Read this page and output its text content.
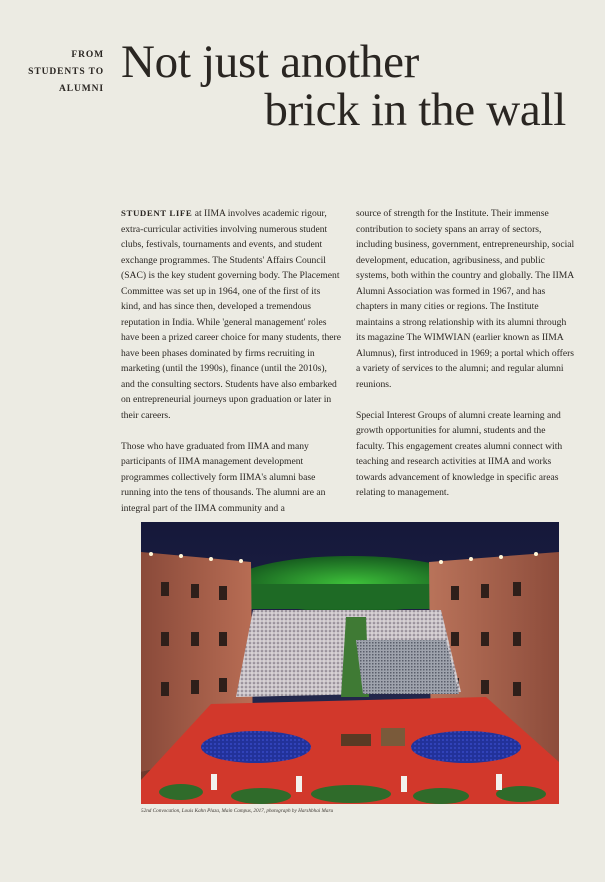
FROM
STUDENTS TO
ALUMNI
Not just another
brick in the wall

STUDENT LIFE at IIMA involves academic rigour, extra-curricular activities involving numerous student clubs, festivals, tournaments and events, and student exchange programmes. The Students' Affairs Council (SAC) is the key student governing body. The Placement Committee was set up in 1964, one of the first of its kind, and has since then, developed a tremendous reputation in India. While 'general management' roles have been a prized career choice for many students, there have been phases dominated by firms recruiting in marketing (until the 1990s), finance (until the 2010s), and the consulting sectors. Students have also embarked on entrepreneurial journeys upon graduation or later in their careers.

Those who have graduated from IIMA and many participants of IIMA management development programmes collectively form IIMA's alumni base running into the tens of thousands. The alumni are an integral part of the IIMA community and a

source of strength for the Institute. Their immense contribution to society spans an array of sectors, including business, government, entrepreneurship, social development, education, agribusiness, and public systems, both within the country and globally. The IIMA Alumni Association was formed in 1967, and has chapters in many cities or regions. The Institute maintains a strong relationship with its alumni through its magazine The WIMWIAN (earlier known as IIMA Alumnus), first introduced in 1969; a portal which offers a variety of services to the alumni; and regular alumni reunions.

Special Interest Groups of alumni create learning and growth opportunities for alumni, students and the faculty. This engagement creates alumni connect with teaching and research activities at IIMA and works towards advancement of knowledge in specific areas relating to management.

52nd Convocation, Louis Kahn Plaza, Main Campus, 2017, photograph by Harshbhai Maru
